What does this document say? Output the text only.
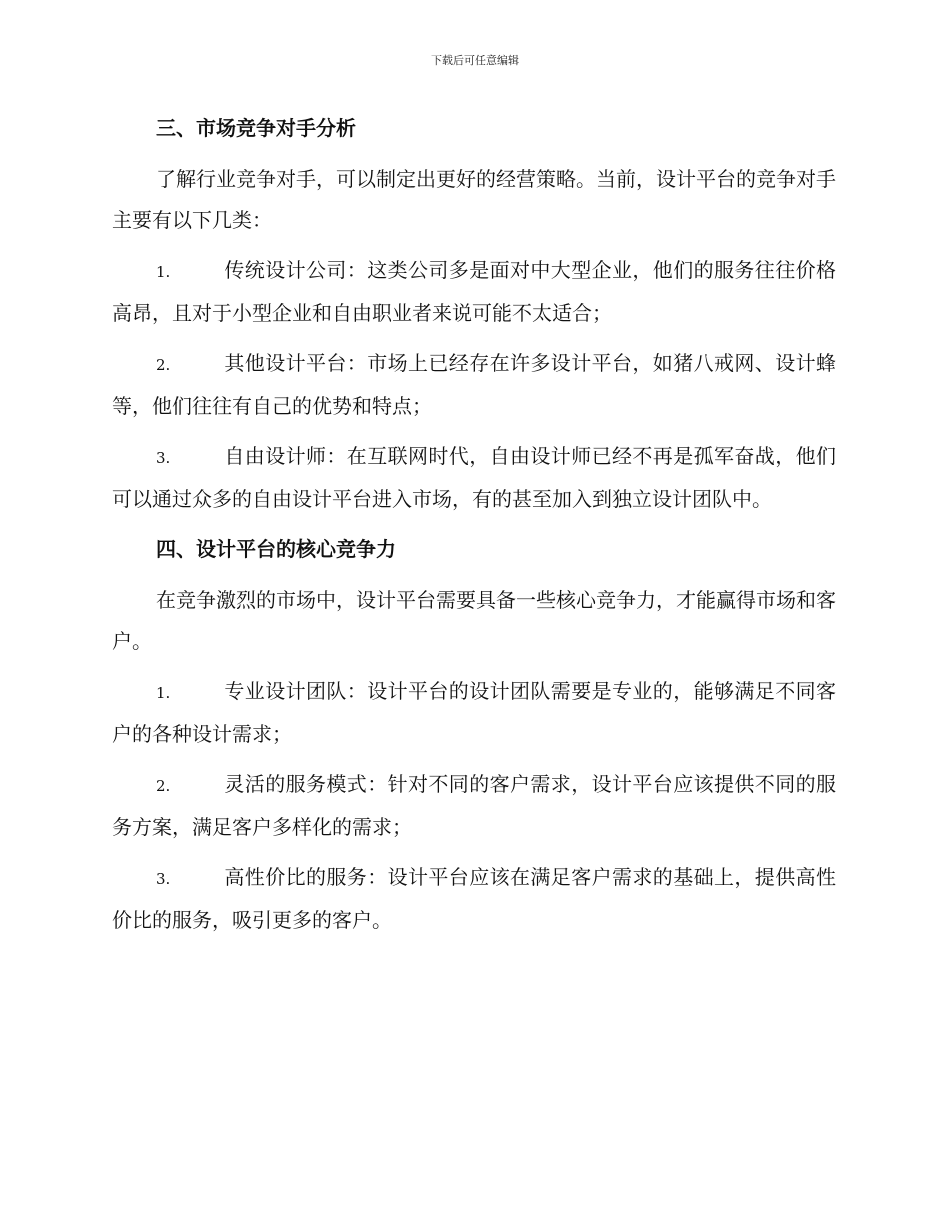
下载后可任意编辑
三、市场竞争对手分析

了解行业竞争对手，可以制定出更好的经营策略。当前，设计平台的竞争对手主要有以下几类：

1.	传统设计公司：这类公司多是面对中大型企业，他们的服务往往价格高昂，且对于小型企业和自由职业者来说可能不太适合；

2.	其他设计平台：市场上已经存在许多设计平台，如猪八戒网、设计蜂等，他们往往有自己的优势和特点；

3.	自由设计师：在互联网时代，自由设计师已经不再是孤军奋战，他们可以通过众多的自由设计平台进入市场，有的甚至加入到独立设计团队中。

四、设计平台的核心竞争力

在竞争激烈的市场中，设计平台需要具备一些核心竞争力，才能赢得市场和客户。

1.	专业设计团队：设计平台的设计团队需要是专业的，能够满足不同客户的各种设计需求；

2.	灵活的服务模式：针对不同的客户需求，设计平台应该提供不同的服务方案，满足客户多样化的需求；

3.	高性价比的服务：设计平台应该在满足客户需求的基础上，提供高性价比的服务，吸引更多的客户。
